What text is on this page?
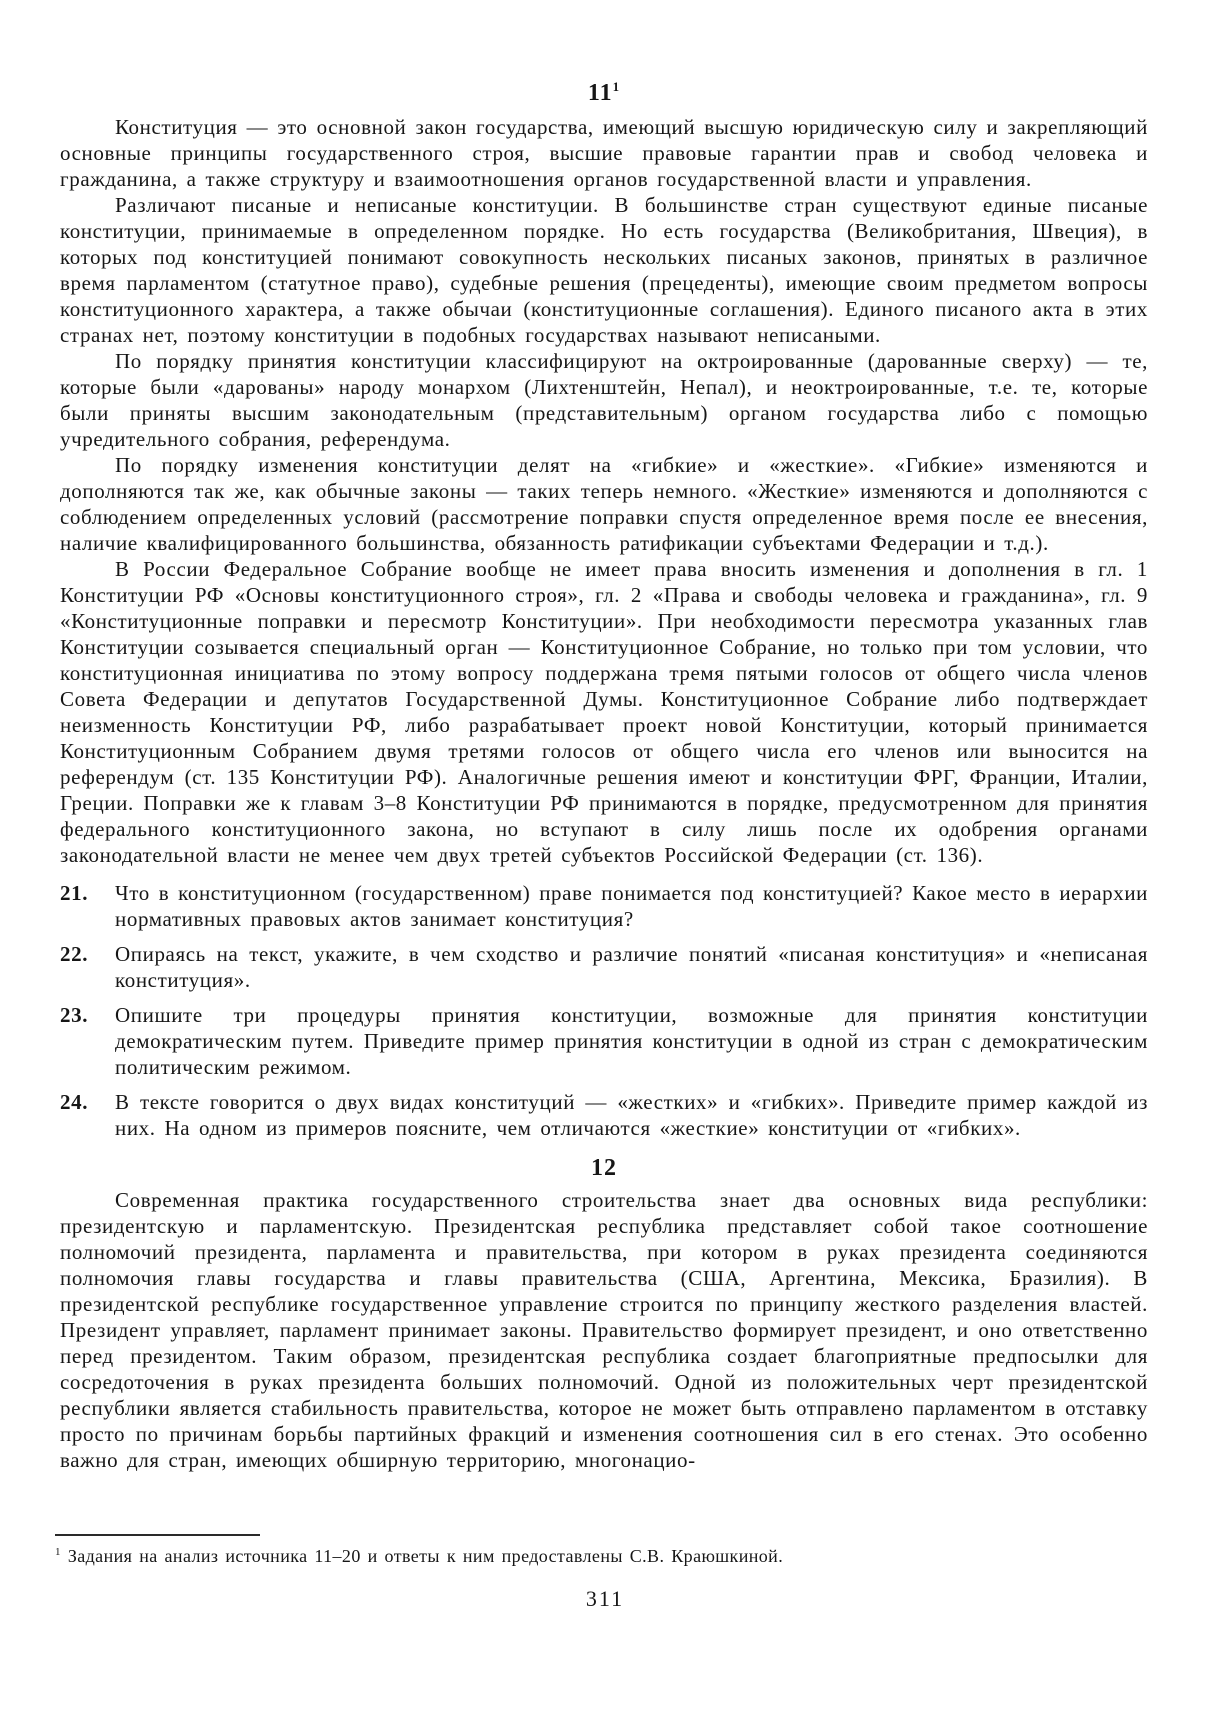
$11^1$

Конституция — это основной закон государства, имеющий высшую юридическую силу и закрепляющий основные принципы государственного строя, высшие правовые гарантии прав и свобод человека и гражданина, а также структуру и взаимоотношения органов государственной власти и управления.

Различают писаные и неписаные конституции. В большинстве стран существуют единые писаные конституции, принимаемые в определенном порядке. Но есть государства (Великобритания, Швеция), в которых под конституцией понимают совокупность нескольких писаных законов, принятых в различное время парламентом (статутное право), судебные решения (прецеденты), имеющие своим предметом вопросы конституционного характера, а также обычаи (конституционные соглашения). Единого писаного акта в этих странах нет, поэтому конституции в подобных государствах называют неписаными.

По порядку принятия конституции классифицируют на октроированные (дарованные сверху) — те, которые были «дарованы» народу монархом (Лихтенштейн, Непал), и неоктроированные, т.е. те, которые были приняты высшим законодательным (представительным) органом государства либо с помощью учредительного собрания, референдума.

По порядку изменения конституции делят на «гибкие» и «жесткие». «Гибкие» изменяются и дополняются так же, как обычные законы — таких теперь немного. «Жесткие» изменяются и дополняются с соблюдением определенных условий (рассмотрение поправки спустя определенное время после ее внесения, наличие квалифицированного большинства, обязанность ратификации субъектами Федерации и т.д.).

В России Федеральное Собрание вообще не имеет права вносить изменения и дополнения в гл. 1 Конституции РФ «Основы конституционного строя», гл. 2 «Права и свободы человека и гражданина», гл. 9 «Конституционные поправки и пересмотр Конституции». При необходимости пересмотра указанных глав Конституции созывается специальный орган — Конституционное Собрание, но только при том условии, что конституционная инициатива по этому вопросу поддержана тремя пятыми голосов от общего числа членов Совета Федерации и депутатов Государственной Думы. Конституционное Собрание либо подтверждает неизменность Конституции РФ, либо разрабатывает проект новой Конституции, который принимается Конституционным Собранием двумя третями голосов от общего числа его членов или выносится на референдум (ст. 135 Конституции РФ). Аналогичные решения имеют и конституции ФРГ, Франции, Италии, Греции. Поправки же к главам 3–8 Конституции РФ принимаются в порядке, предусмотренном для принятия федерального конституционного закона, но вступают в силу лишь после их одобрения органами законодательной власти не менее чем двух третей субъектов Российской Федерации (ст. 136).

21.	Что в конституционном (государственном) праве понимается под конституцией? Какое место в иерархии нормативных правовых актов занимает конституция?
22.	Опираясь на текст, укажите, в чем сходство и различие понятий «писаная конституция» и «неписаная конституция».
23.	Опишите три процедуры принятия конституции, возможные для принятия конституции демократическим путем. Приведите пример принятия конституции в одной из стран с демократическим политическим режимом.
24.	В тексте говорится о двух видах конституций — «жестких» и «гибких». Приведите пример каждой из них. На одном из примеров поясните, чем отличаются «жесткие» конституции от «гибких».
12

Современная практика государственного строительства знает два основных вида республики: президентскую и парламентскую. Президентская республика представляет собой такое соотношение полномочий президента, парламента и правительства, при котором в руках президента соединяются полномочия главы государства и главы правительства (США, Аргентина, Мексика, Бразилия). В президентской республике государственное управление строится по принципу жесткого разделения властей. Президент управляет, парламент принимает законы. Правительство формирует президент, и оно ответственно перед президентом. Таким образом, президентская республика создает благоприятные предпосылки для сосредоточения в руках президента больших полномочий. Одной из положительных черт президентской республики является стабильность правительства, которое не может быть отправлено парламентом в отставку просто по причинам борьбы партийных фракций и изменения соотношения сил в его стенах. Это особенно важно для стран, имеющих обширную территорию, многонацио-

$^1$ Задания на анализ источника 11–20 и ответы к ним предоставлены С.В. Краюшкиной.

311
